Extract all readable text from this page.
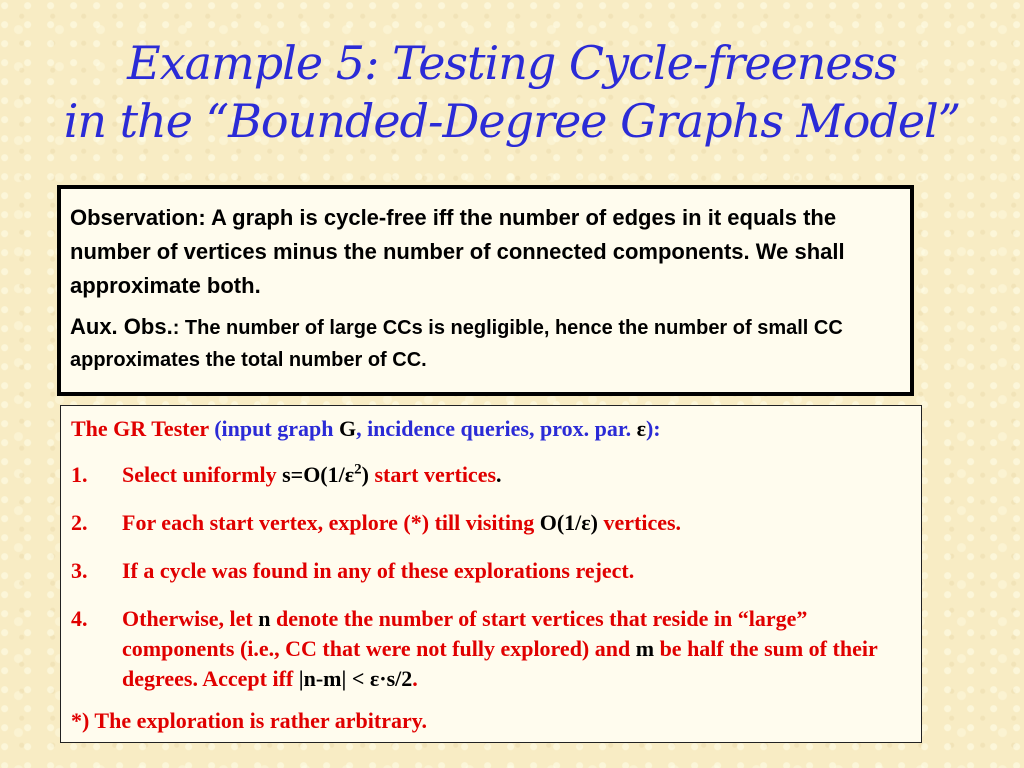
Example 5: Testing Cycle-freeness
in the “Bounded-Degree Graphs Model”

Observation: A graph is cycle-free iff the number of edges in it equals the number of vertices minus the number of connected components. We shall approximate both.

Aux. Obs.: The number of large CCs is negligible, hence the number of small CC approximates the total number of CC.

The GR Tester (input graph G, incidence queries, prox. par. ε):
1.	Select uniformly $s=O(1/\varepsilon^2)$ start vertices.
2.	For each start vertex, explore (*) till visiting O(1/ε) vertices.
3.	If a cycle was found in any of these explorations reject.
4.	Otherwise, let n denote the number of start vertices that reside in “large” components (i.e., CC that were not fully explored) and m be half the sum of their degrees. Accept iff |n-m| < ε·s/2.
*) The exploration is rather arbitrary.
